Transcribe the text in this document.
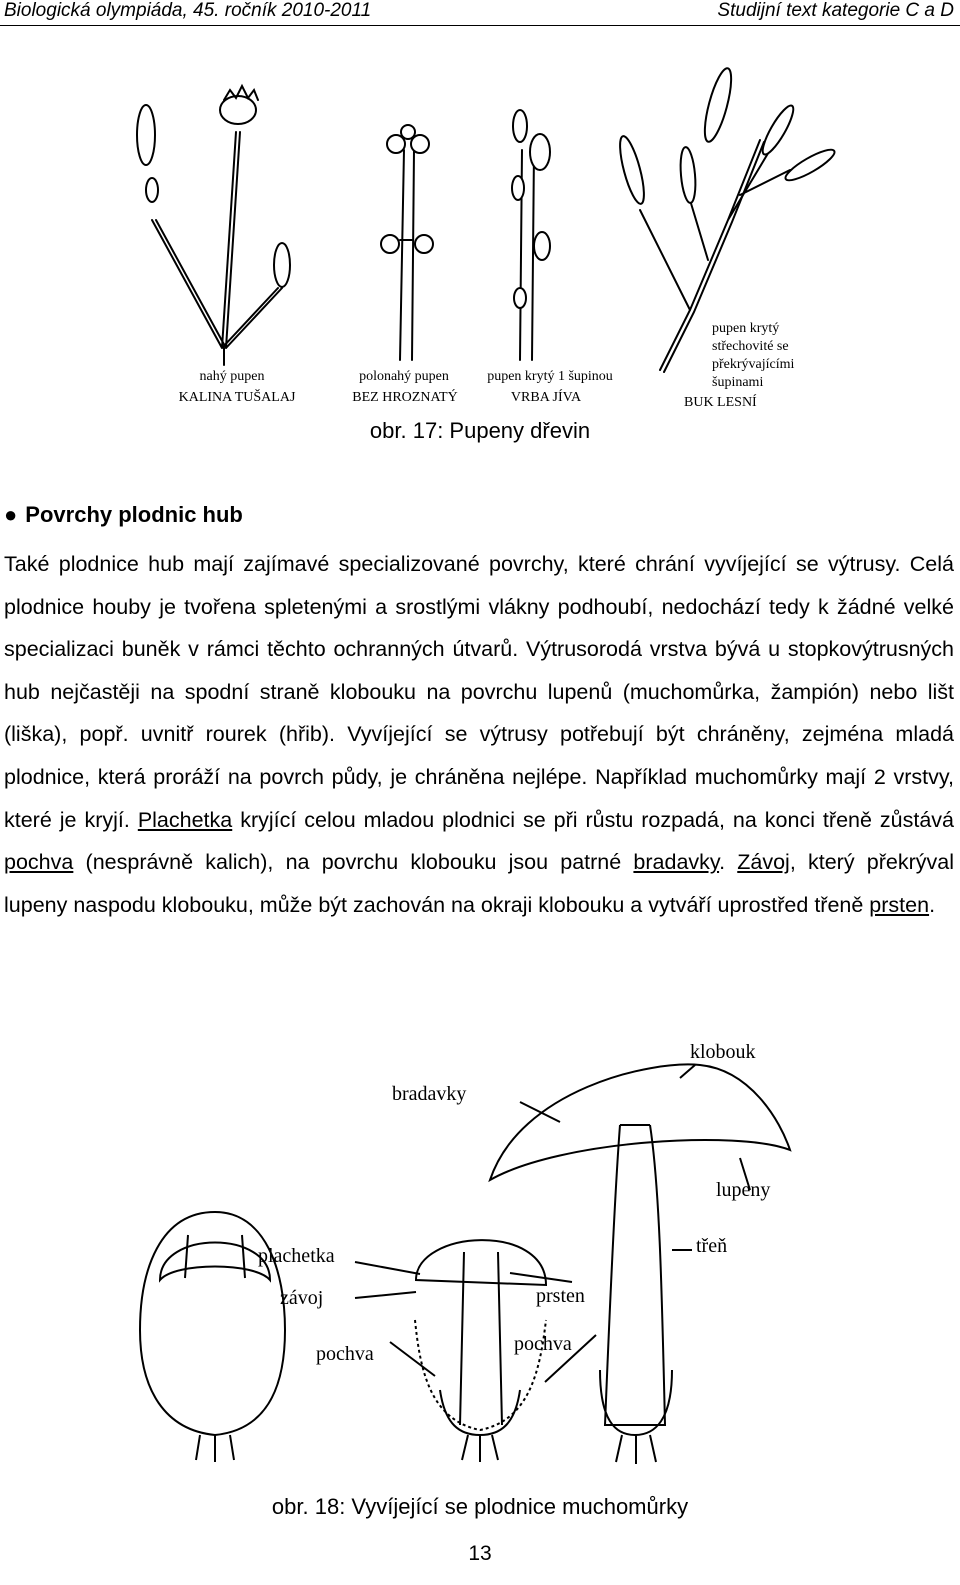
Biologická olympiáda, 45. ročník 2010-2011	Studijní text kategorie C a D
nahý pupen
KALINA TUŠALAJ
polonahý pupen
BEZ HROZNATÝ
pupen krytý 1 šupinou
VRBA JÍVA
pupen krytý
střechovité se
překrývajícími
šupinami
BUK LESNÍ
obr. 17: Pupeny dřevin
● Povrchy plodnic hub

Také plodnice hub mají zajímavé specializované povrchy, které chrání vyvíjející se výtrusy. Celá plodnice houby je tvořena spletenými a srostlými vlákny podhoubí, nedochází tedy k žádné velké specializaci buněk v rámci těchto ochranných útvarů. Výtrusorodá vrstva bývá u stopkovýtrusných hub nejčastěji na spodní straně klobouku na povrchu lupenů (muchomůrka, žampión) nebo lišt (liška), popř. uvnitř rourek (hřib). Vyvíjející se výtrusy potřebují být chráněny, zejména mladá plodnice, která proráží na povrch půdy, je chráněna nejlépe. Například muchomůrky mají 2 vrstvy, které je kryjí. Plachetka kryjící celou mladou plodnici se při růstu rozpadá, na konci třeně zůstává pochva (nesprávně kalich), na povrchu klobouku jsou patrné bradavky. Závoj, který překrýval lupeny naspodu klobouku, může být zachován na okraji klobouku a vytváří uprostřed třeně prsten.

klobouk
bradavky
lupeny
třeň
plachetka
závoj
pochva
prsten
pochva
obr. 18: Vyvíjející se plodnice muchomůrky
13
